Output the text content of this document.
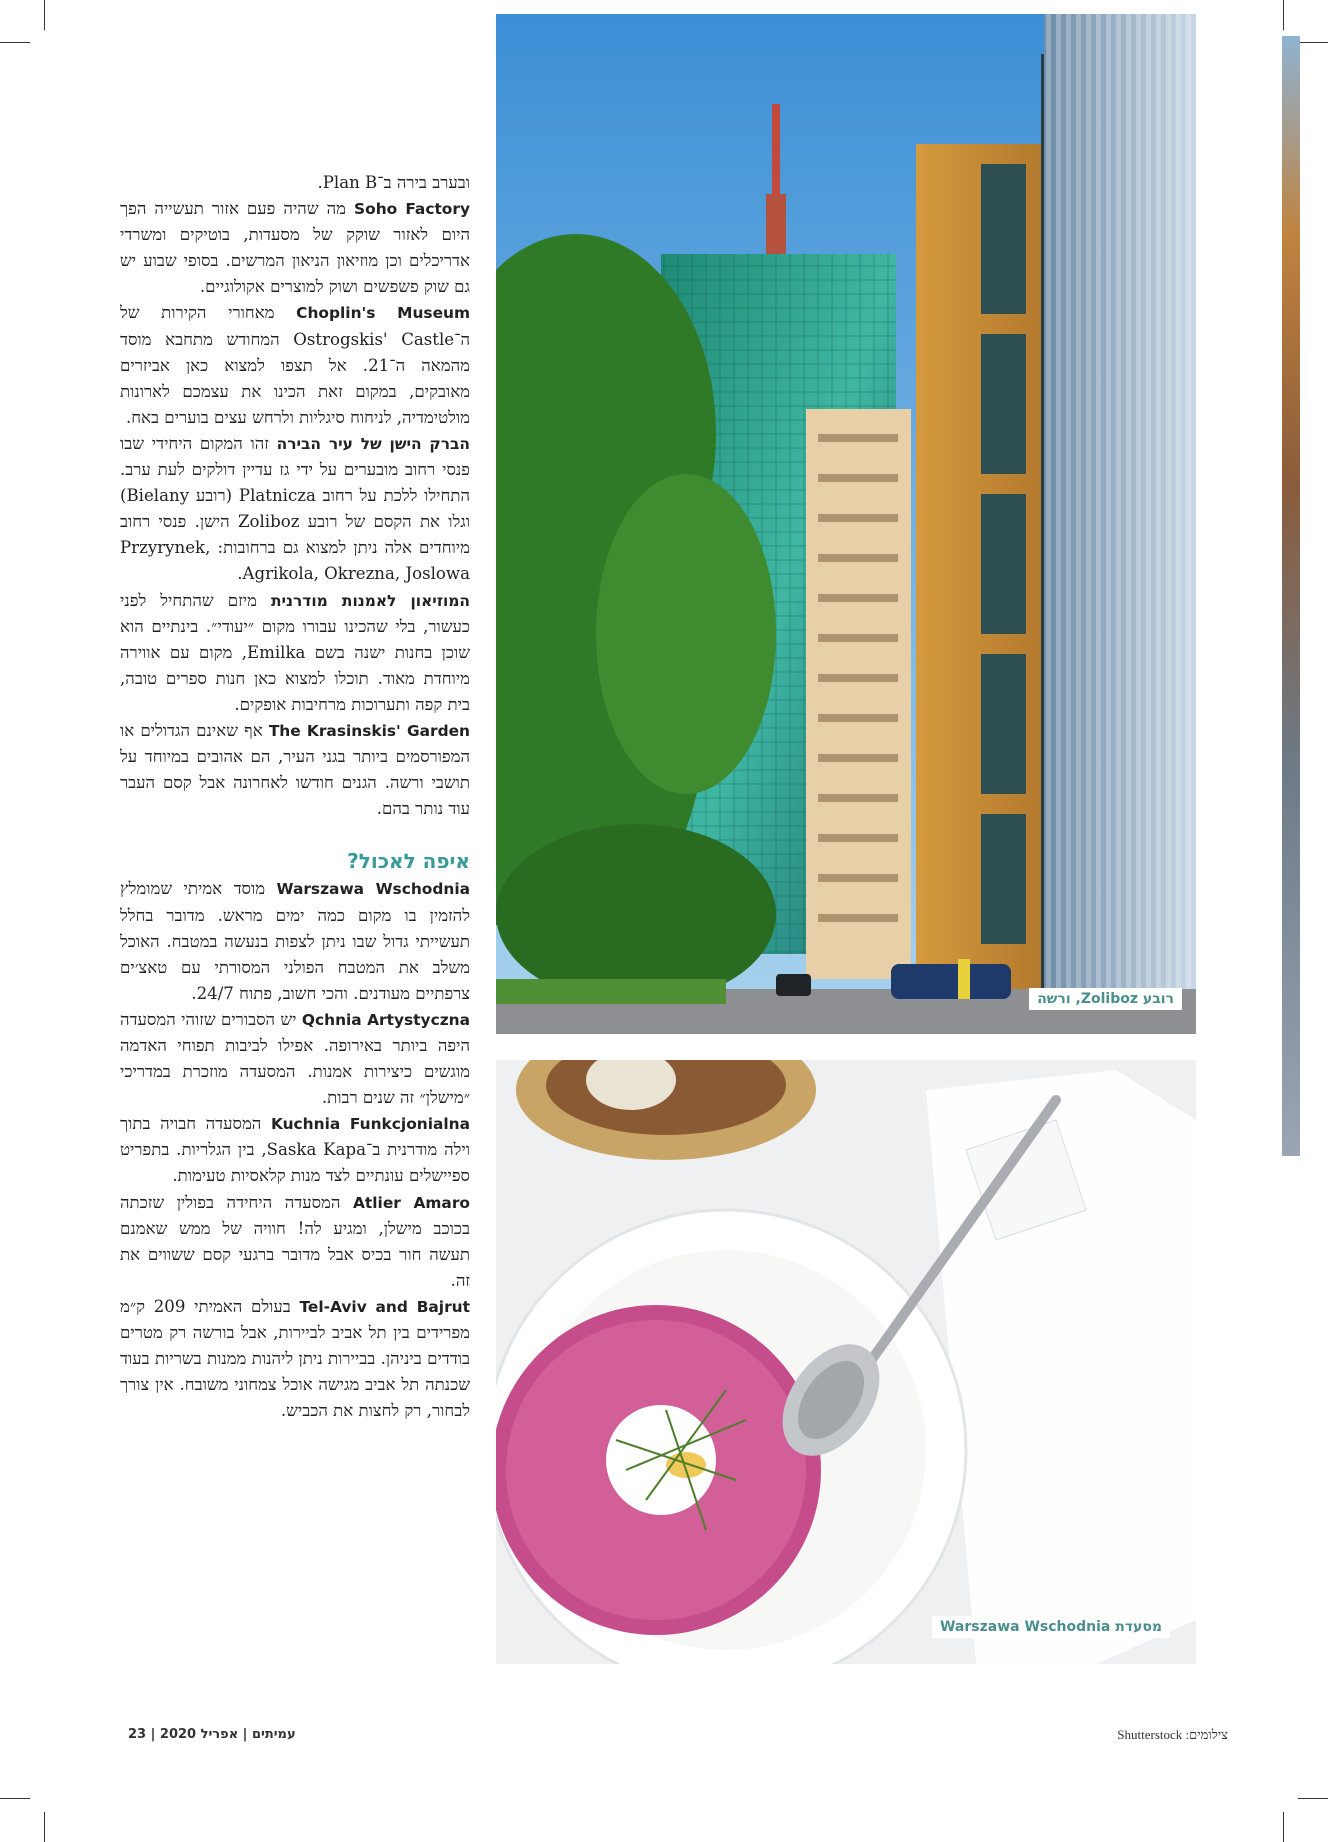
ובערב בירה ב־Plan B.

Soho Factory מה שהיה פעם אזור תעשייה הפך היום לאזור שוקק של מסעדות, בוטיקים ומשרדי אדריכלים וכן מוזיאון הניאון המרשים. בסופי שבוע יש גם שוק פשפשים ושוק למוצרים אקולוגיים.

Choplin's Museum מאחורי הקירות של ה־Ostrogskis' Castle המחודש מתחבא מוסד מהמאה ה־21. אל תצפו למצוא כאן אביזרים מאובקים, במקום זאת הכינו את עצמכם לארונות מולטימדיה, לניחוח סיגליות ולרחש עצים בוערים באח.

הברק הישן של עיר הבירה זהו המקום היחידי שבו פנסי רחוב מובערים על ידי גז עדיין דולקים לעת ערב. התחילו ללכת על רחוב Platnicza (רובע Bielany) וגלו את הקסם של רובע Zoliboz הישן. פנסי רחוב מיוחדים אלה ניתן למצוא גם ברחובות: Przyrynek, Agrikola, Okrezna, Joslowa.

המוזיאון לאמנות מודרנית מיזם שהתחיל לפני כעשור, בלי שהכינו עבורו מקום ״יעודי״. בינתיים הוא שוכן בחנות ישנה בשם Emilka, מקום עם אווירה מיוחדת מאוד. תוכלו למצוא כאן חנות ספרים טובה, בית קפה ותערוכות מרחיבות אופקים.

The Krasinskis' Garden אף שאינם הגדולים או המפורסמים ביותר בגני העיר, הם אהובים במיוחד על תושבי ורשה. הגנים חודשו לאחרונה אבל קסם העבר עוד נותר בהם.

איפה לאכול?

Warszawa Wschodnia מוסד אמיתי שמומלץ להזמין בו מקום כמה ימים מראש. מדובר בחלל תעשייתי גדול שבו ניתן לצפות בנעשה במטבח. האוכל משלב את המטבח הפולני המסורתי עם טאצ׳ים צרפתיים מעודנים. והכי חשוב, פתוח 24/7.

Qchnia Artystyczna יש הסבורים שזוהי המסעדה היפה ביותר באירופה. אפילו לביבות תפוחי האדמה מוגשים כיצירות אמנות. המסעדה מוזכרת במדריכי ״מישלן״ זה שנים רבות.

Kuchnia Funkcjonialna המסעדה חבויה בתוך וילה מודרנית ב־Saska Kapa, בין הגלריות. בתפריט ספיישלים עונתיים לצד מנות קלאסיות טעימות.

Atlier Amaro המסעדה היחידה בפולין שזכתה בכוכב מישלן, ומגיע לה! חוויה של ממש שאמנם תעשה חור בכיס אבל מדובר ברגעי קסם ששווים את זה.

Tel-Aviv and Bajrut בעולם האמיתי 209 ק״מ מפרידים בין תל אביב לביירות, אבל בורשה רק מטרים בודדים ביניהן. בביירות ניתן ליהנות ממנות בשריות בעוד שכנתה תל אביב מגישה אוכל צמחוני משובח. אין צורך לבחור, רק לחצות את הכביש.

רובע Zoliboz, ורשה
מסעדת Warszawa Wschodnia
עמיתים | אפריל 2020 | 23	צילומים: Shutterstock
